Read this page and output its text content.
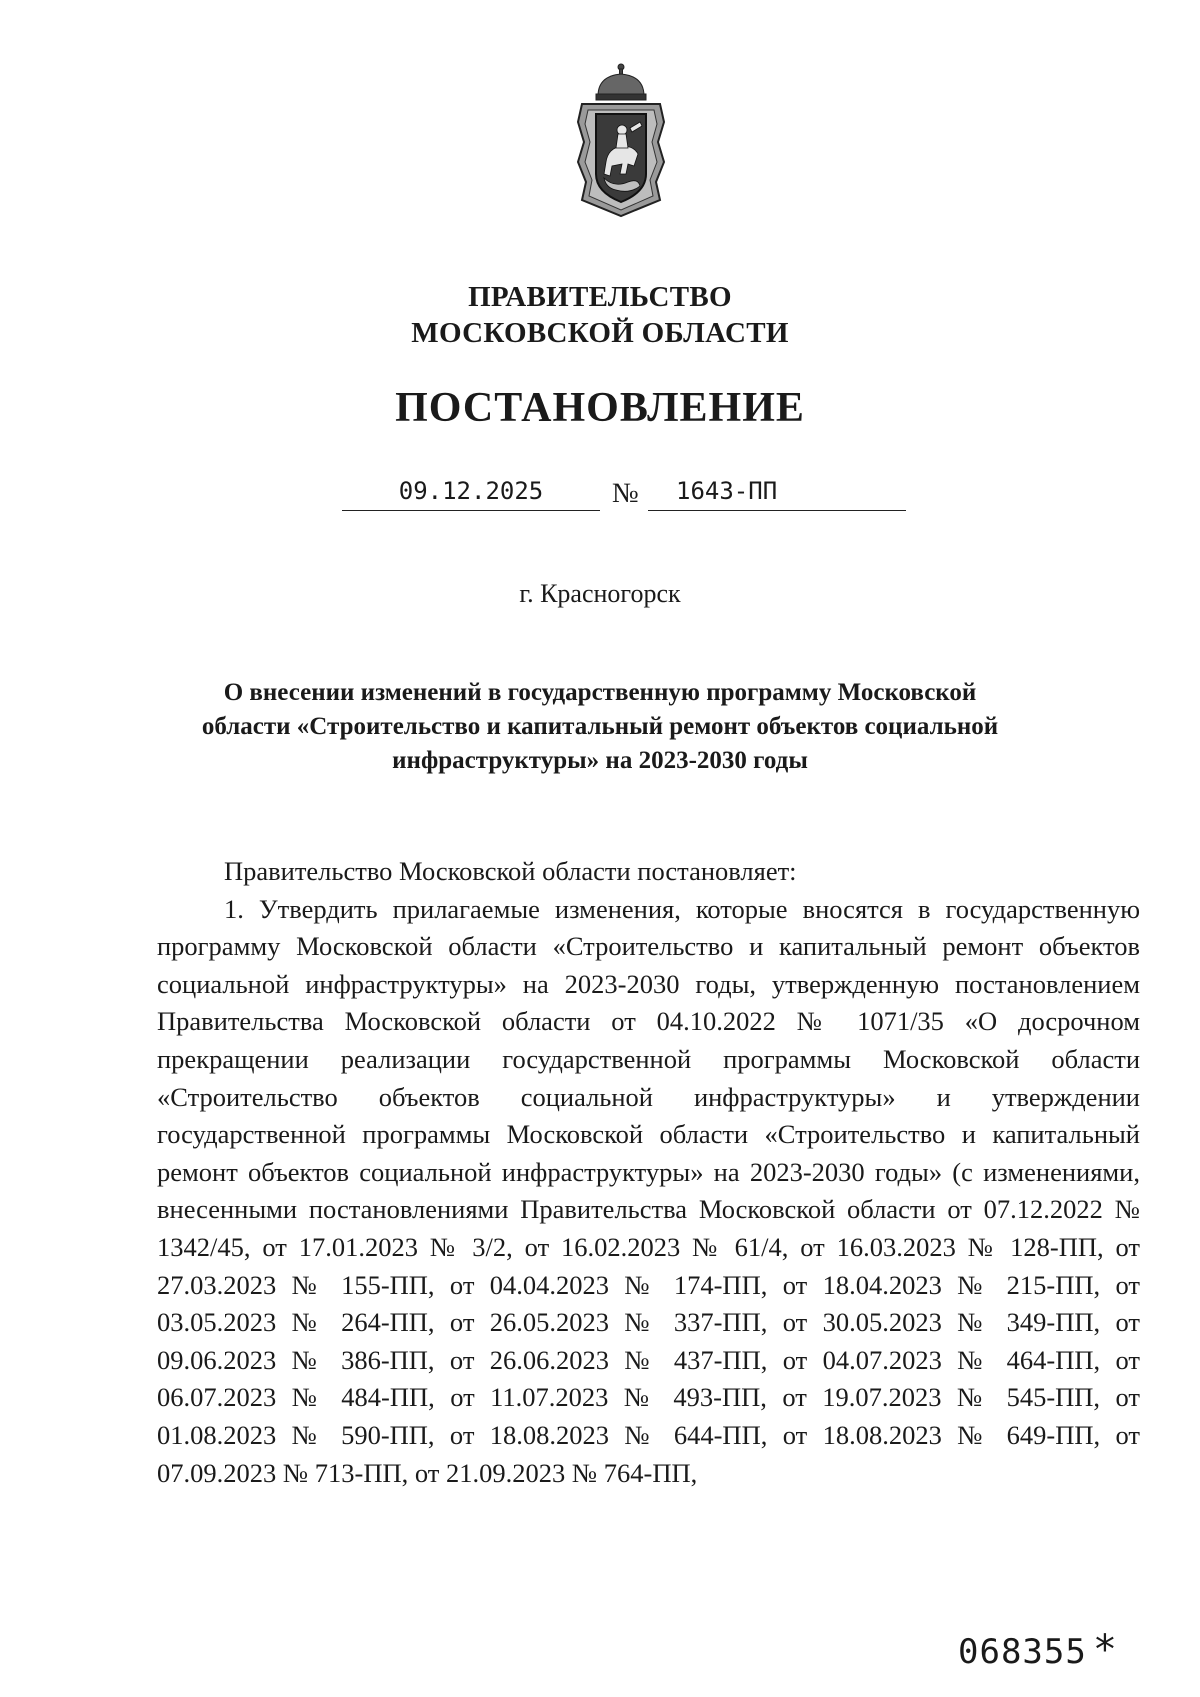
ПРАВИТЕЛЬСТВО
МОСКОВСКОЙ ОБЛАСТИ
ПОСТАНОВЛЕНИЕ
09.12.2025	№	1643-ПП
г. Красногорск
О внесении изменений в государственную программу Московской области «Строительство и капитальный ремонт объектов социальной инфраструктуры» на 2023-2030 годы

Правительство Московской области постановляет:

1. Утвердить прилагаемые изменения, которые вносятся в государственную программу Московской области «Строительство и капитальный ремонт объектов социальной инфраструктуры» на 2023-2030 годы, утвержденную постановлением Правительства Московской области от 04.10.2022 № 1071/35 «О досрочном прекращении реализации государственной программы Московской области «Строительство объектов социальной инфраструктуры» и утверждении государственной программы Московской области «Строительство и капитальный ремонт объектов социальной инфраструктуры» на 2023-2030 годы» (с изменениями, внесенными постановлениями Правительства Московской области от 07.12.2022 № 1342/45, от 17.01.2023 № 3/2, от 16.02.2023 № 61/4, от 16.03.2023 № 128-ПП, от 27.03.2023 № 155-ПП, от 04.04.2023 № 174-ПП, от 18.04.2023 № 215-ПП, от 03.05.2023 № 264-ПП, от 26.05.2023 № 337-ПП, от 30.05.2023 № 349-ПП, от 09.06.2023 № 386-ПП, от 26.06.2023 № 437-ПП, от 04.07.2023 № 464-ПП, от 06.07.2023 № 484-ПП, от 11.07.2023 № 493-ПП, от 19.07.2023 № 545-ПП, от 01.08.2023 № 590-ПП, от 18.08.2023 № 644-ПП, от 18.08.2023 № 649-ПП, от 07.09.2023 № 713-ПП, от 21.09.2023 № 764-ПП,

068355 *
